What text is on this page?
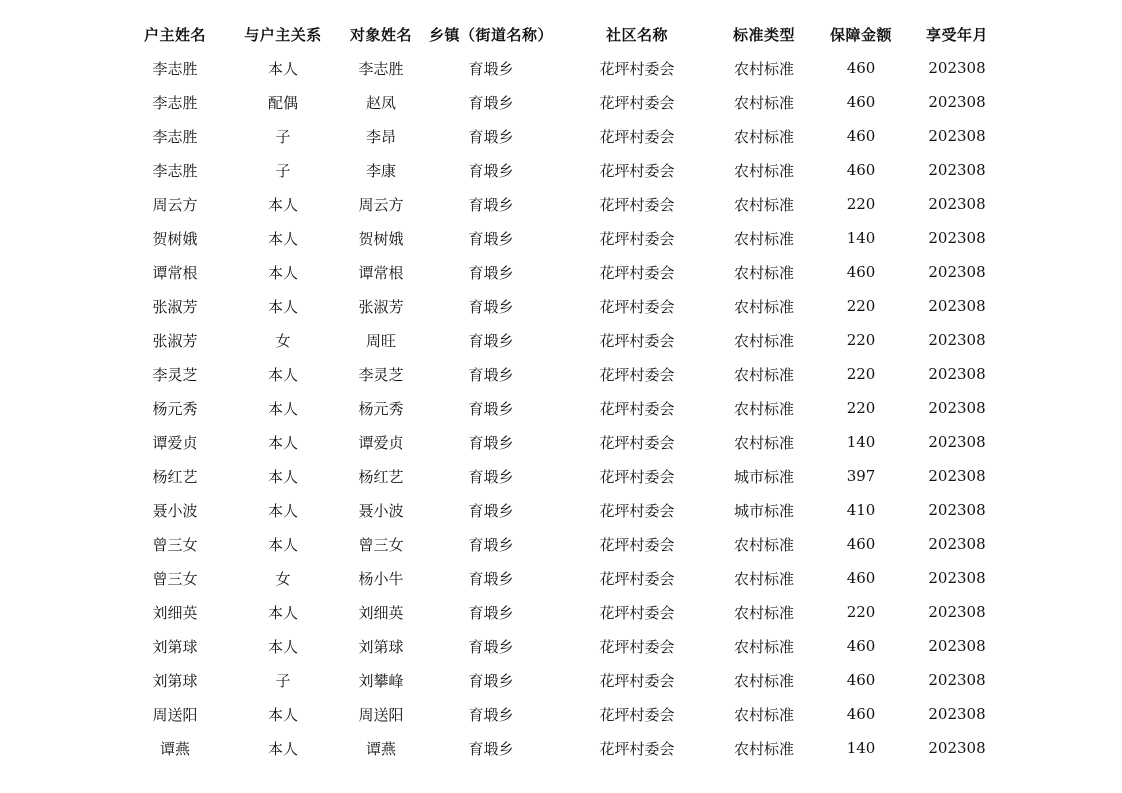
户主姓名	与户主关系	对象姓名	乡镇（街道名称）	社区名称	标准类型	保障金额	享受年月
李志胜	本人	李志胜	育塅乡	花坪村委会	农村标准	460	202308
李志胜	配偶	赵凤	育塅乡	花坪村委会	农村标准	460	202308
李志胜	子	李昂	育塅乡	花坪村委会	农村标准	460	202308
李志胜	子	李康	育塅乡	花坪村委会	农村标准	460	202308
周云方	本人	周云方	育塅乡	花坪村委会	农村标准	220	202308
贺树娥	本人	贺树娥	育塅乡	花坪村委会	农村标准	140	202308
谭常根	本人	谭常根	育塅乡	花坪村委会	农村标准	460	202308
张淑芳	本人	张淑芳	育塅乡	花坪村委会	农村标准	220	202308
张淑芳	女	周旺	育塅乡	花坪村委会	农村标准	220	202308
李灵芝	本人	李灵芝	育塅乡	花坪村委会	农村标准	220	202308
杨元秀	本人	杨元秀	育塅乡	花坪村委会	农村标准	220	202308
谭爱贞	本人	谭爱贞	育塅乡	花坪村委会	农村标准	140	202308
杨红艺	本人	杨红艺	育塅乡	花坪村委会	城市标准	397	202308
聂小波	本人	聂小波	育塅乡	花坪村委会	城市标准	410	202308
曾三女	本人	曾三女	育塅乡	花坪村委会	农村标准	460	202308
曾三女	女	杨小牛	育塅乡	花坪村委会	农村标准	460	202308
刘细英	本人	刘细英	育塅乡	花坪村委会	农村标准	220	202308
刘第球	本人	刘第球	育塅乡	花坪村委会	农村标准	460	202308
刘第球	子	刘攀峰	育塅乡	花坪村委会	农村标准	460	202308
周送阳	本人	周送阳	育塅乡	花坪村委会	农村标准	460	202308
谭燕	本人	谭燕	育塅乡	花坪村委会	农村标准	140	202308
